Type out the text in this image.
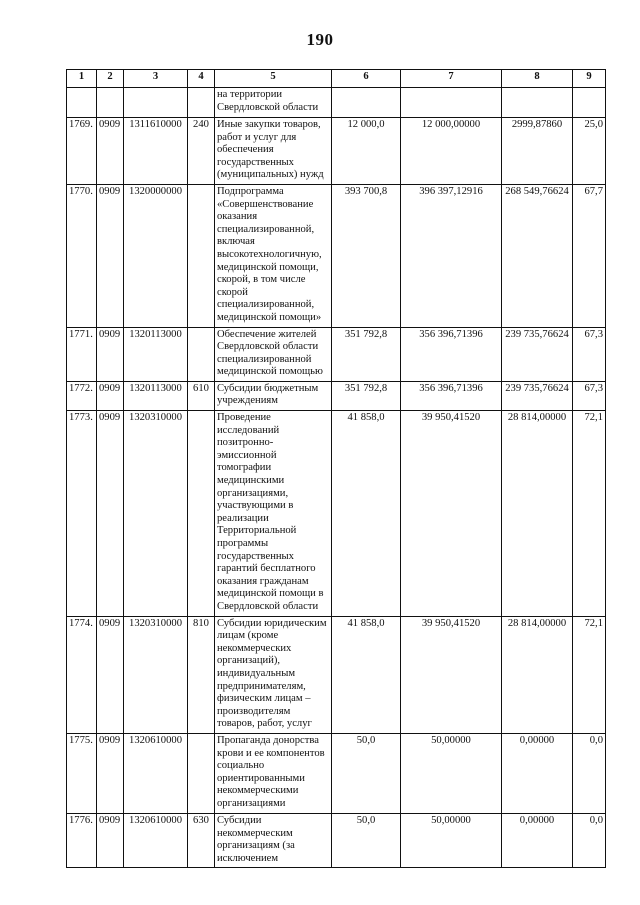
190
1	2	3	4	5	6	7	8	9
				на территории Свердловской области				
1769.	0909	1311610000	240	Иные закупки товаров, работ и услуг для обеспечения государственных (муниципальных) нужд	12 000,0	12 000,00000	2999,87860	25,0
1770.	0909	1320000000		Подпрограмма «Совершенствование оказания специализированной, включая высокотехнологичную, медицинской помощи, скорой, в том числе скорой специализированной, медицинской помощи»	393 700,8	396 397,12916	268 549,76624	67,7
1771.	0909	1320113000		Обеспечение жителей Свердловской области специализированной медицинской помощью	351 792,8	356 396,71396	239 735,76624	67,3
1772.	0909	1320113000	610	Субсидии бюджетным учреждениям	351 792,8	356 396,71396	239 735,76624	67,3
1773.	0909	1320310000		Проведение исследований позитронно-эмиссионной томографии медицинскими организациями, участвующими в реализации Территориальной программы государственных гарантий бесплатного оказания гражданам медицинской помощи в Свердловской области	41 858,0	39 950,41520	28 814,00000	72,1
1774.	0909	1320310000	810	Субсидии юридическим лицам (кроме некоммерческих организаций), индивидуальным предпринимателям, физическим лицам – производителям товаров, работ, услуг	41 858,0	39 950,41520	28 814,00000	72,1
1775.	0909	1320610000		Пропаганда донорства крови и ее компонентов социально ориентированными некоммерческими организациями	50,0	50,00000	0,00000	0,0
1776.	0909	1320610000	630	Субсидии некоммерческим организациям (за исключением	50,0	50,00000	0,00000	0,0
